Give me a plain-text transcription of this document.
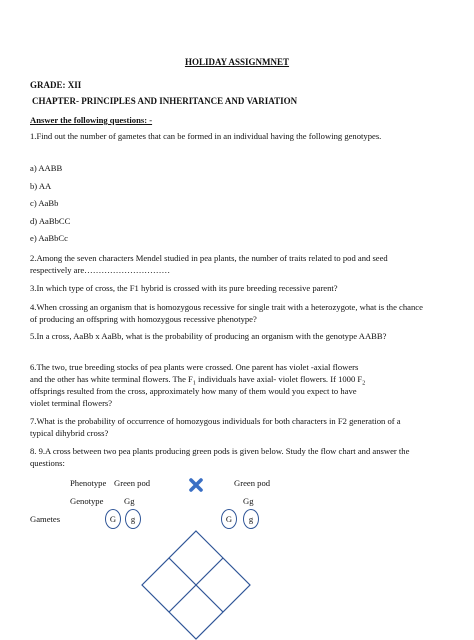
HOLIDAY ASSIGNMNET
GRADE: XII
CHAPTER- PRINCIPLES AND INHERITANCE AND VARIATION
Answer the following questions: -
1.Find out the number of gametes that can be formed in an individual having the following genotypes.
a) AABB
b) AA
c) AaBb
d) AaBbCC
e) AaBbCc
2.Among the seven characters Mendel studied in pea plants, the number of traits related to pod and seed respectively are…………………………
3.In which type of cross, the F1 hybrid is crossed with its pure breeding recessive parent?
4.When crossing an organism that is homozygous recessive for single trait with a heterozygote, what is the chance of producing an offspring with homozygous recessive phenotype?
5.In a cross, AaBb x AaBb, what is the probability of producing an organism with the genotype AABB?
6.The two, true breeding stocks of pea plants were crossed. One parent has violet -axial flowers
and the other has white terminal flowers. The $F_1$ individuals have axial- violet flowers. If 1000 $F_2$
offsprings resulted from the cross, approximately how many of them would you expect to have
violet terminal flowers?
7.What is the probability of occurrence of homozygous individuals for both characters in F2 generation of a typical dihybrid cross?
8. 9.A cross between two pea plants producing green pods is given below. Study the flow chart and answer the questions:
Phenotype Green pod	Green pod
Genotype Gg	Gg
Gametes	G	g	G	g
